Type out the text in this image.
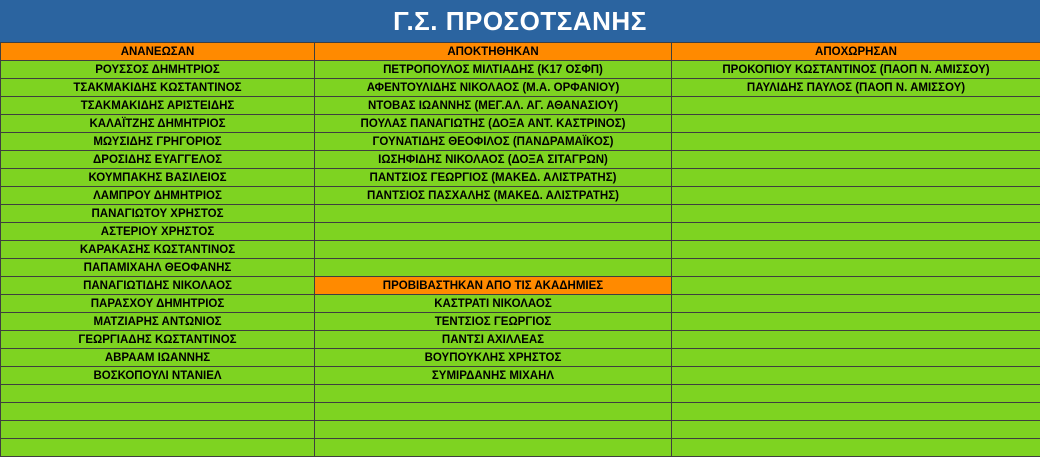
Γ.Σ. ΠΡΟΣΟΤΣΑΝΗΣ
ΑΝΑΝΕΩΣΑΝ	ΑΠΟΚΤΗΘΗΚΑΝ	ΑΠΟΧΩΡΗΣΑΝ
ΡΟΥΣΣΟΣ ΔΗΜΗΤΡΙΟΣ	ΠΕΤΡΟΠΟΥΛΟΣ ΜΙΛΤΙΑΔΗΣ (Κ17 ΟΣΦΠ)	ΠΡΟΚΟΠΙΟΥ ΚΩΣΤΑΝΤΙΝΟΣ (ΠΑΟΠ Ν. ΑΜΙΣΣΟΥ)
ΤΣΑΚΜΑΚΙΔΗΣ ΚΩΣΤΑΝΤΙΝΟΣ	ΑΦΕΝΤΟΥΛΙΔΗΣ ΝΙΚΟΛΑΟΣ (Μ.Α. ΟΡΦΑΝΙΟΥ)	ΠΑΥΛΙΔΗΣ ΠΑΥΛΟΣ (ΠΑΟΠ Ν. ΑΜΙΣΣΟΥ)
ΤΣΑΚΜΑΚΙΔΗΣ ΑΡΙΣΤΕΙΔΗΣ	ΝΤΟΒΑΣ ΙΩΑΝΝΗΣ (ΜΕΓ.ΑΛ. ΑΓ. ΑΘΑΝΑΣΙΟΥ)	
ΚΑΛΑΪΤΖΗΣ ΔΗΜΗΤΡΙΟΣ	ΠΟΥΛΑΣ ΠΑΝΑΓΙΩΤΗΣ (ΔΟΞΑ ΑΝΤ. ΚΑΣΤΡΙΝΟΣ)	
ΜΩΥΣΙΔΗΣ ΓΡΗΓΟΡΙΟΣ	ΓΟΥΝΑΤΙΔΗΣ ΘΕΟΦΙΛΟΣ (ΠΑΝΔΡΑΜΑΪΚΟΣ)	
ΔΡΟΣΙΔΗΣ ΕΥΑΓΓΕΛΟΣ	ΙΩΣΗΦΙΔΗΣ ΝΙΚΟΛΑΟΣ (ΔΟΞΑ ΣΙΤΑΓΡΩΝ)	
ΚΟΥΜΠΑΚΗΣ ΒΑΣΙΛΕΙΟΣ	ΠΑΝΤΣΙΟΣ ΓΕΩΡΓΙΟΣ (ΜΑΚΕΔ. ΑΛΙΣΤΡΑΤΗΣ)	
ΛΑΜΠΡΟΥ ΔΗΜΗΤΡΙΟΣ	ΠΑΝΤΣΙΟΣ ΠΑΣΧΑΛΗΣ (ΜΑΚΕΔ. ΑΛΙΣΤΡΑΤΗΣ)	
ΠΑΝΑΓΙΩΤΟΥ ΧΡΗΣΤΟΣ		
ΑΣΤΕΡΙΟΥ ΧΡΗΣΤΟΣ		
ΚΑΡΑΚΑΣΗΣ ΚΩΣΤΑΝΤΙΝΟΣ		
ΠΑΠΑΜΙΧΑΗΛ ΘΕΟΦΑΝΗΣ		
ΠΑΝΑΓΙΩΤΙΔΗΣ ΝΙΚΟΛΑΟΣ	ΠΡΟΒΙΒΑΣΤΗΚΑΝ ΑΠΟ ΤΙΣ ΑΚΑΔΗΜΙΕΣ	
ΠΑΡΑΣΧΟΥ ΔΗΜΗΤΡΙΟΣ	ΚΑΣΤΡΑΤΙ ΝΙΚΟΛΑΟΣ	
ΜΑΤΖΙΑΡΗΣ ΑΝΤΩΝΙΟΣ	ΤΕΝΤΣΙΟΣ ΓΕΩΡΓΙΟΣ	
ΓΕΩΡΓΙΑΔΗΣ ΚΩΣΤΑΝΤΙΝΟΣ	ΠΑΝΤΣΙ ΑΧΙΛΛΕΑΣ	
ΑΒΡΑΑΜ ΙΩΑΝΝΗΣ	ΒΟΥΠΟΥΚΛΗΣ ΧΡΗΣΤΟΣ	
ΒΟΣΚΟΠΟΥΛΙ ΝΤΑΝΙΕΛ	ΣΥΜΙΡΔΑΝΗΣ ΜΙΧΑΗΛ	
